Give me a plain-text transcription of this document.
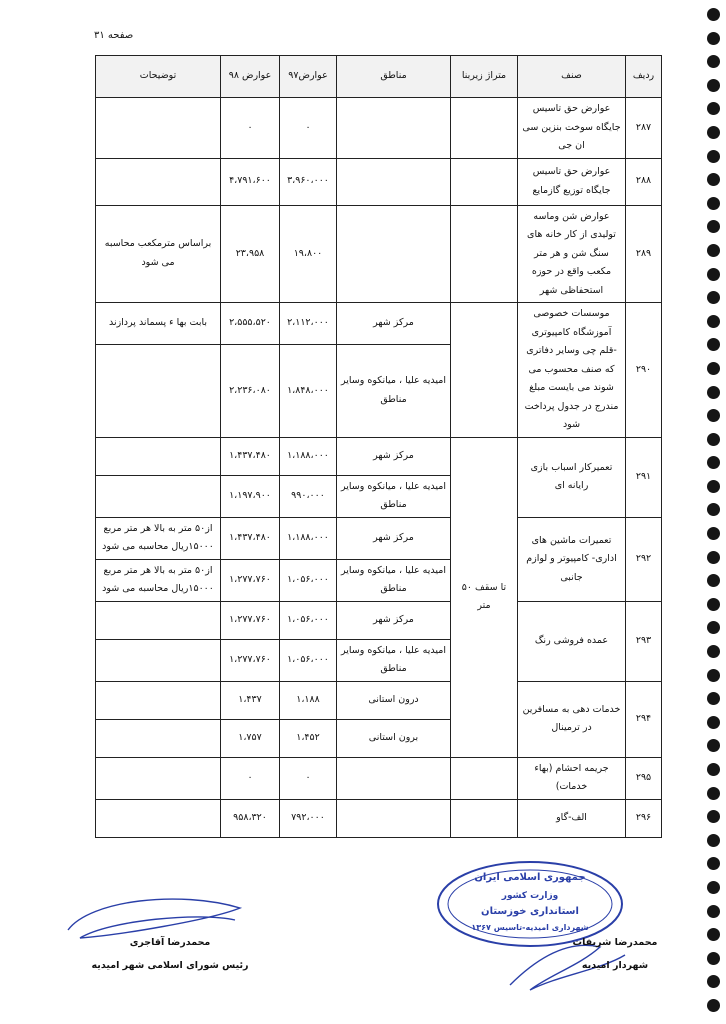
صفحه ۳۱
ردیف	صنف	متراژ زیربنا	مناطق	عوارض۹۷	عوارض ۹۸	توضیحات
۲۸۷	عوارض حق تاسیس جایگاه سوخت بنزین سی ان جی			۰	۰	
۲۸۸	عوارض حق تاسیس جایگاه توزیع گازمایع			۳،۹۶۰،۰۰۰	۴،۷۹۱،۶۰۰	
۲۸۹	عوارض شن وماسه تولیدی از کار خانه های سنگ شن و هر متر مکعب واقع در حوزه استحفاظی شهر			۱۹،۸۰۰	۲۳،۹۵۸	براساس مترمکعب محاسبه می شود
۲۹۰	موسسات خصوصی آموزشگاه کامپیوتری -قلم چی وسایر دفاتری که صنف محسوب می شوند می بایست مبلغ مندرج در جدول پرداخت شود		مرکز شهر	۲،۱۱۲،۰۰۰	۲،۵۵۵،۵۲۰	بابت بها ء پسماند پردازند
			امیدیه علیا ، میانکوه وسایر مناطق	۱،۸۴۸،۰۰۰	۲،۲۳۶،۰۸۰	
۲۹۱	تعمیرکار اسباب بازی رایانه ای	تا سقف ۵۰ متر	مرکز شهر	۱،۱۸۸،۰۰۰	۱،۴۳۷،۴۸۰	
			امیدیه علیا ، میانکوه وسایر مناطق	۹۹۰،۰۰۰	۱،۱۹۷،۹۰۰	
۲۹۲	تعمیرات ماشین های اداری- کامپیوتر و لوازم جانبی		مرکز شهر	۱،۱۸۸،۰۰۰	۱،۴۳۷،۴۸۰	از۵۰ متر به بالا هر متر مربع ۱۵۰۰۰ریال محاسبه می شود
			امیدیه علیا ، میانکوه وسایر مناطق	۱،۰۵۶،۰۰۰	۱،۲۷۷،۷۶۰	از۵۰ متر به بالا هر متر مربع ۱۵۰۰۰ریال محاسبه می شود
۲۹۳	عمده فروشی رنگ		مرکز شهر	۱،۰۵۶،۰۰۰	۱،۲۷۷،۷۶۰	
			امیدیه علیا ، میانکوه وسایر مناطق	۱،۰۵۶،۰۰۰	۱،۲۷۷،۷۶۰	
۲۹۴	خدمات دهی به مسافرین در ترمینال		درون استانی	۱،۱۸۸	۱،۴۳۷	
			برون استانی	۱،۴۵۲	۱،۷۵۷	
۲۹۵	جریمه احشام (بهاء خدمات)			۰	۰	
۲۹۶	الف-گاو			۷۹۲،۰۰۰	۹۵۸،۳۲۰	
جمهوری اسلامی ایران
وزارت کشور
استانداری خوزستان
شهرداری امیدیه-تاسیس ۱۳۶۷
محمدرضا آقاجری
رئیس شورای اسلامی شهر امیدیه
محمدرضا شریفات
شهردار امیدیه
